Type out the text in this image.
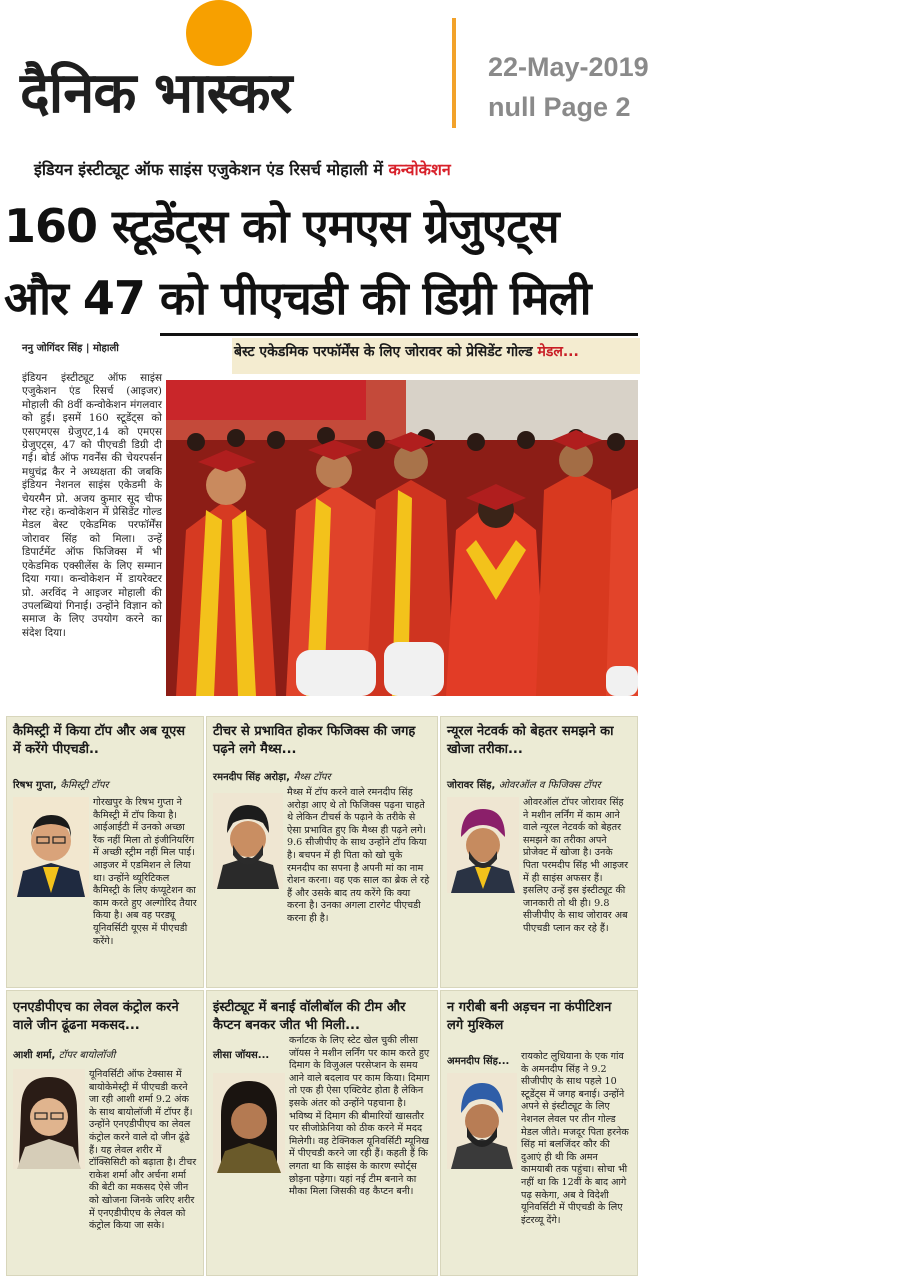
दैनिक भास्कर	22-May-2019
null Page 2
इंडियन इंस्टीट्यूट ऑफ साइंस एजुकेशन एंड रिसर्च मोहाली में कन्वोकेशन
160 स्टूडेंट्स को एमएस ग्रेजुएट्स
और 47 को पीएचडी की डिग्री मिली
ननु जोगिंदर सिंह | मोहाली	बेस्ट एकेडमिक परफॉर्मेंस के लिए जोरावर को प्रेसिडेंट गोल्ड मेडल...
इंडियन इंस्टीट्यूट ऑफ साइंस एजुकेशन एंड रिसर्च (आइजर) मोहाली की 8वीं कन्वोकेशन मंगलवार को हुई। इसमें 160 स्टूडेंट्स को एसएमएस ग्रेजुएट,14 को एमएस ग्रेजुएट्स, 47 को पीएचडी डिग्री दी गई। बोर्ड ऑफ गवर्नेंस की चेयरपर्सन मधुचंद्र कैर ने अध्यक्षता की जबकि इंडियन नेशनल साइंस एकेडमी के चेयरमैन प्रो. अजय कुमार सूद चीफ गेस्ट रहे। कन्वोकेशन में प्रेसिडेंट गोल्ड मेडल बेस्ट एकेडमिक परफॉर्मेंस जोरावर सिंह को मिला। उन्हें डिपार्टमेंट ऑफ फिजिक्स में भी एकेडमिक एक्सीलेंस के लिए सम्मान दिया गया। कन्वोकेशन में डायरेक्टर प्रो. अरविंद ने आइजर मोहाली की उपलब्धियां गिनाई। उन्होंने विज्ञान को समाज के लिए उपयोग करने का संदेश दिया।
कैमिस्ट्री में किया टॉप और अब यूएस में करेंगे पीएचडी..
रिषभ गुप्ता, कैमिस्ट्री टॉपर
गोरखपुर के रिषभ गुप्ता ने कैमिस्ट्री में टॉप किया है। आईआईटी में उनको अच्छा रैंक नहीं मिला तो इंजीनियरिंग में अच्छी स्ट्रीम नहीं मिल पाई। आइजर में एडमिशन ले लिया था। उन्होंने थ्यूरिटिकल कैमिस्ट्री के लिए कंप्यूटेशन का काम करते हुए अल्गोरिद तैयार किया है। अब वह परड्यू यूनिवर्सिटी यूएस में पीएचडी करेंगे।
टीचर से प्रभावित होकर फिजिक्स की जगह पढ़ने लगे मैथ्स...
रमनदीप सिंह अरोड़ा, मैथ्स टॉपर
मैथ्स में टॉप करने वाले रमनदीप सिंह अरोड़ा आए थे तो फिजिक्स पढ़ना चाहते थे लेकिन टीचर्स के पढ़ाने के तरीके से ऐसा प्रभावित हुए कि मैथ्स ही पढ़ने लगे। 9.6 सीजीपीए के साथ उन्होंने टॉप किया है। बचपन में ही पिता को खो चुके रमनदीप का सपना है अपनी मां का नाम रोशन करना। वह एक साल का ब्रेक ले रहे हैं और उसके बाद तय करेंगे कि क्या करना है। उनका अगला टारगेट पीएचडी करना ही है।
न्यूरल नेटवर्क को बेहतर समझने का खोजा तरीका...
जोरावर सिंह, ओवरऑल व फिजिक्स टॉपर
ओवरऑल टॉपर जोरावर सिंह ने मशीन लर्निंग में काम आने वाले न्यूरल नेटवर्क को बेहतर समझने का तरीका अपने प्रोजेक्ट में खोजा है। उनके पिता परमदीप सिंह भी आइजर में ही साइंस अफसर हैं। इसलिए उन्हें इस इंस्टीट्यूट की जानकारी तो थी ही। 9.8 सीजीपीए के साथ जोरावर अब पीएचडी प्लान कर रहे हैं।
एनएडीपीएच का लेवल कंट्रोल करने वाले जीन ढूंढना मकसद...
आशी शर्मा, टॉपर बायोलॉजी
यूनिवर्सिटी ऑफ टेक्सास में बायोकेमेस्ट्री में पीएचडी करने जा रही आशी शर्मा 9.2 अंक के साथ बायोलॉजी में टॉपर हैं। उन्होंने एनएडीपीएच का लेवल कंट्रोल करने वाले दो जीन ढूंढे हैं। यह लेवल शरीर में टॉक्सिसिटी को बढ़ाता है। टीचर राकेश शर्मा और अर्चना शर्मा की बेटी का मकसद ऐसे जीन को खोजना जिनके जरिए शरीर में एनएडीपीएच के लेवल को कंट्रोल किया जा सके।
इंस्टीट्यूट में बनाई वॉलीबॉल की टीम और कैप्टन बनकर जीत भी मिली...
लीसा जॉयस...
कर्नाटक के लिए स्टेट खेल चुकी लीसा जॉयस ने मशीन लर्निंग पर काम करते हुए दिमाग के विजुअल परसेप्शन के समय आने वाले बदलाव पर काम किया। दिमाग तो एक ही ऐसा एक्टिवेट होता है लेकिन इसके अंतर को उन्होंने पहचाना है। भविष्य में दिमाग की बीमारियों खासतौर पर सीजोफ्रेनिया को ठीक करने में मदद मिलेगी। वह टेक्निकल यूनिवर्सिटी म्यूनिख में पीएचडी करने जा रही हैं। कहती हैं कि लगता था कि साइंस के कारण स्पोर्ट्स छोड़ना पड़ेगा। यहां नई टीम बनाने का मौका मिला जिसकी वह कैप्टन बनी।
न गरीबी बनी अड़चन ना कंपीटिशन लगे मुश्किल
अमनदीप सिंह... रायकोट लुधियाना के एक गांव के अमनदीप सिंह ने 9.2 सीजीपीए के साथ पहले 10 स्टूडेंट्स में जगह बनाई। उन्होंने अपने से इंस्टीट्यूट के लिए नेशनल लेवल पर तीन गोल्ड मेडल जीते। मजदूर पिता हरनेक सिंह मां बलजिंदर कौर की दुआएं ही थी कि अमन कामयाबी तक पहुंचा। सोचा भी नहीं था कि 12वीं के बाद आगे पढ़ सकेगा, अब वे विदेशी यूनिवर्सिटी में पीएचडी के लिए इंटरव्यू देंगे।
